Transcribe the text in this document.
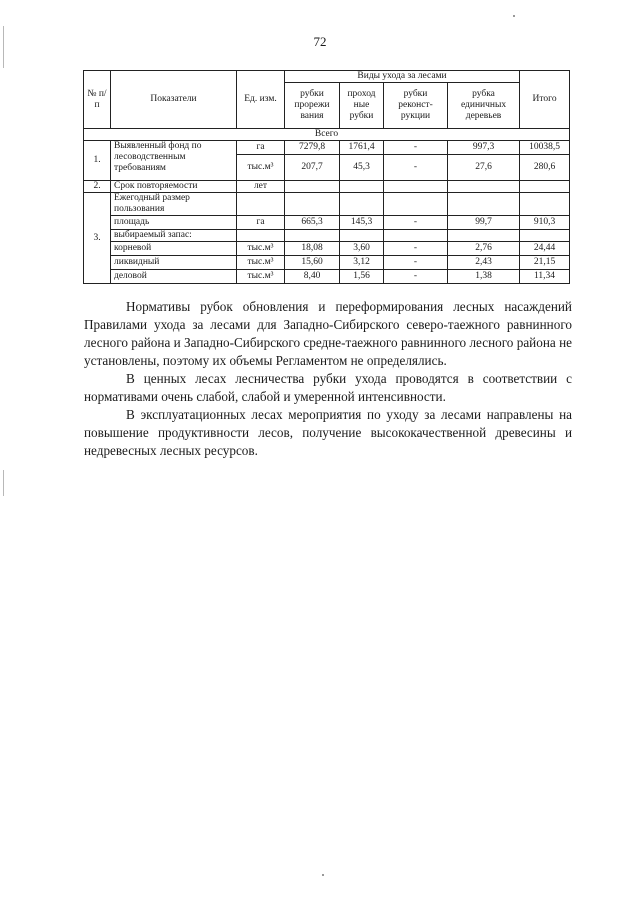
72
№ п/п	Показатели	Ед. изм.	Виды ухода за лесами				Итого
			рубки прорежи вания	проход ные рубки	рубки реконст- рукции	рубка единичных деревьев	
Всего							
1.	Выявленный фонд по лесоводственным требованиям	га	7279,8	1761,4	-	997,3	10038,5
		тыс.м³	207,7	45,3	-	27,6	280,6
2.	Срок повторяемости	лет					
3.	Ежегодный размер пользования						
	площадь	га	665,3	145,3	-	99,7	910,3
	выбираемый запас:						
	корневой	тыс.м³	18,08	3,60	-	2,76	24,44
	ликвидный	тыс.м³	15,60	3,12	-	2,43	21,15
	деловой	тыс.м³	8,40	1,56	-	1,38	11,34

Нормативы рубок обновления и переформирования лесных насаждений Правилами ухода за лесами для Западно-Сибирского северо-таежного равнинного лесного района и Западно-Сибирского средне-таежного равнинного лесного района не установлены, поэтому их объемы Регламентом не определялись.

В ценных лесах лесничества рубки ухода проводятся в соответствии с нормативами очень слабой, слабой и умеренной интенсивности.

В эксплуатационных лесах мероприятия по уходу за лесами направлены на повышение продуктивности лесов, получение высококачественной древесины и недревесных лесных ресурсов.
